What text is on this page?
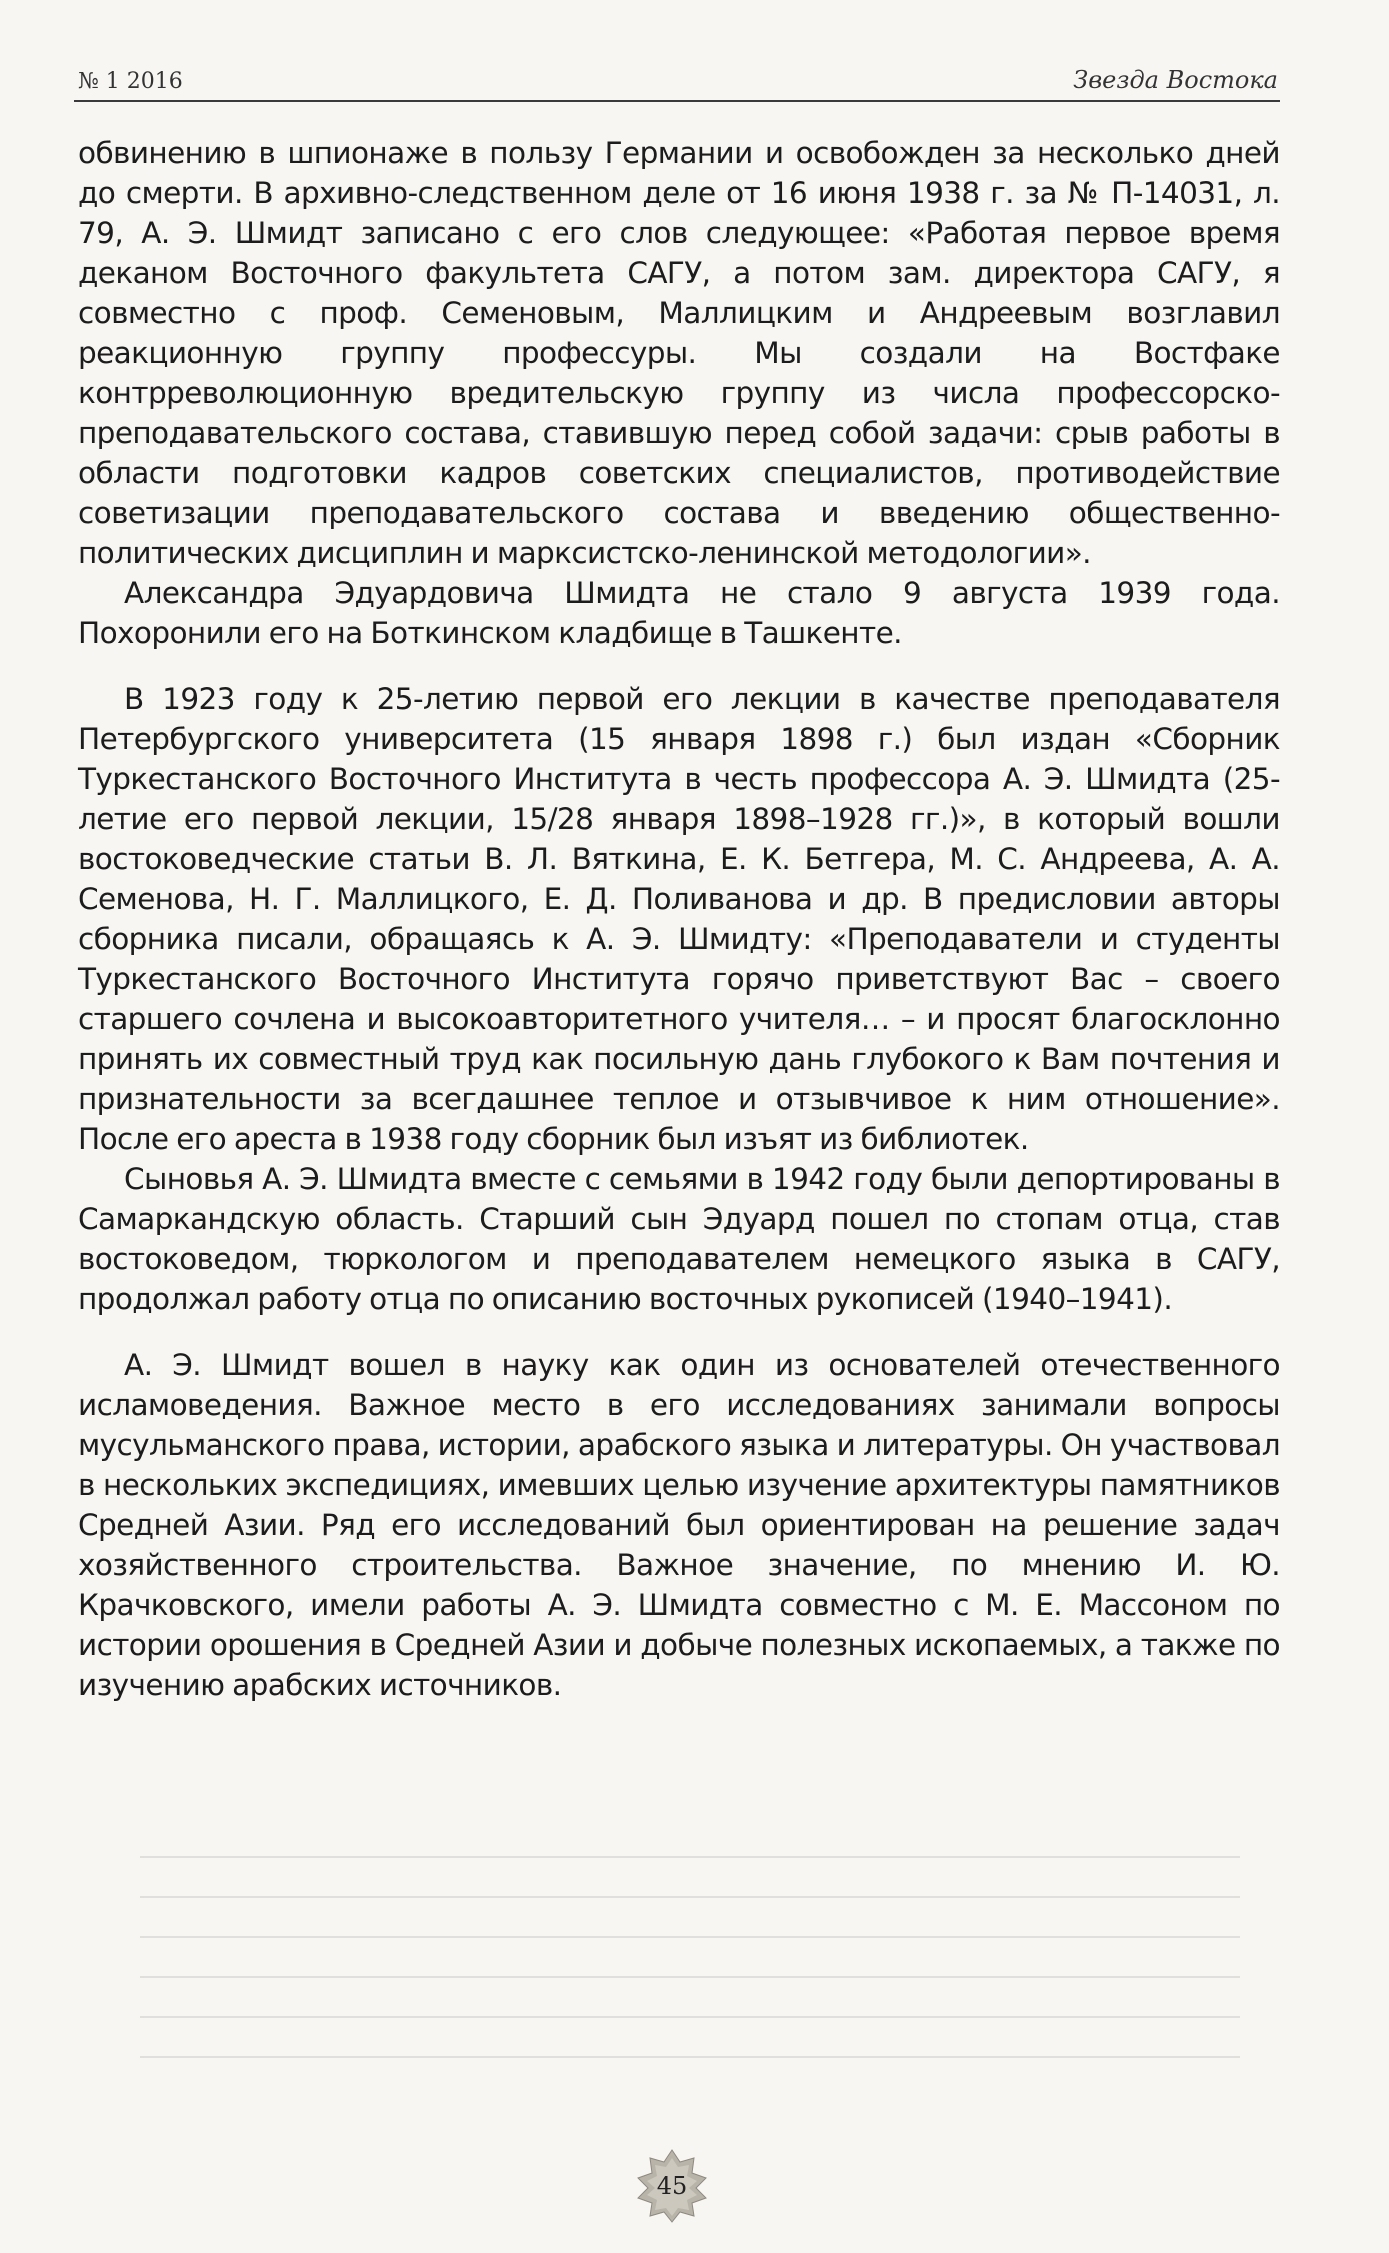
№ 1 2016	Звезда Востока

обвинению в шпионаже в пользу Германии и освобожден за несколько дней до смерти. В архивно-следственном деле от 16 июня 1938 г. за № П-14031, л. 79, А. Э. Шмидт записано с его слов следующее: «Работая первое время деканом Восточного факультета САГУ, а потом зам. директора САГУ, я совместно с проф. Семеновым, Маллицким и Андреевым возглавил реакционную группу профессуры. Мы создали на Востфаке контрреволюционную вредительскую группу из числа профессорско-преподавательского состава, ставившую перед собой задачи: срыв работы в области подготовки кадров советских специалистов, противодействие советизации преподавательского состава и введению общественно-политических дисциплин и марксистско-ленинской методологии».

Александра Эдуардовича Шмидта не стало 9 августа 1939 года. Похоронили его на Боткинском кладбище в Ташкенте.

В 1923 году к 25-летию первой его лекции в качестве преподавателя Петербургского университета (15 января 1898 г.) был издан «Сборник Туркестанского Восточного Института в честь профессора А. Э. Шмидта (25-летие его первой лекции, 15/28 января 1898–1928 гг.)», в который вошли востоковедческие статьи В. Л. Вяткина, Е. К. Бетгера, М. С. Андреева, А. А. Семенова, Н. Г. Маллицкого, Е. Д. Поливанова и др. В предисловии авторы сборника писали, обращаясь к А. Э. Шмидту: «Преподаватели и студенты Туркестанского Восточного Института горячо приветствуют Вас – своего старшего сочлена и высокоавторитетного учителя… – и просят благосклонно принять их совместный труд как посильную дань глубокого к Вам почтения и признательности за всегдашнее теплое и отзывчивое к ним отношение». После его ареста в 1938 году сборник был изъят из библиотек.

Сыновья А. Э. Шмидта вместе с семьями в 1942 году были депортированы в Самаркандскую область. Старший сын Эдуард пошел по стопам отца, став востоковедом, тюркологом и преподавателем немецкого языка в САГУ, продолжал работу отца по описанию восточных рукописей (1940–1941).

А. Э. Шмидт вошел в науку как один из основателей отечественного исламоведения. Важное место в его исследованиях занимали вопросы мусульманского права, истории, арабского языка и литературы. Он участвовал в нескольких экспедициях, имевших целью изучение архитектуры памятников Средней Азии. Ряд его исследований был ориентирован на решение задач хозяйственного строительства. Важное значение, по мнению И. Ю. Крачковского, имели работы А. Э. Шмидта совместно с М. Е. Массоном по истории орошения в Средней Азии и добыче полезных ископаемых, а также по изучению арабских источников.

45
